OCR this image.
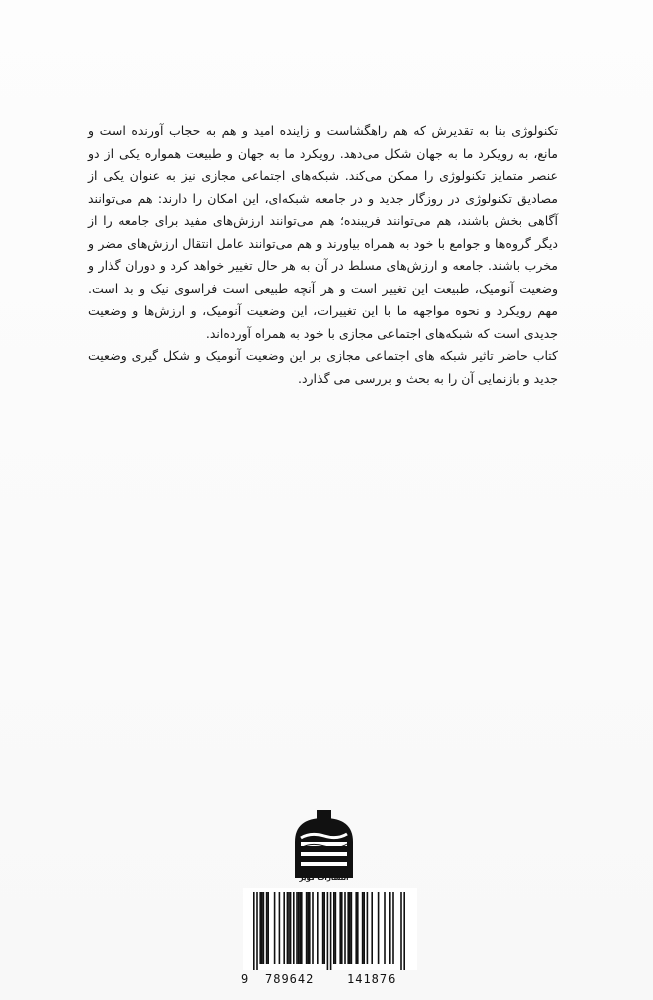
تکنولوژی بنا به تقدیرش که هم راهگشاست و زاینده امید و هم به حجاب آورنده است و مانع، به رویکرد ما به جهان شکل می‌دهد. رویکرد ما به جهان و طبیعت همواره یکی از دو عنصر متمایز تکنولوژی را ممکن می‌کند. شبکه‌های اجتماعی مجازی نیز به عنوان یکی از مصادیق تکنولوژی در روزگار جدید و در جامعه شبکه‌ای، این امکان را دارند: هم می‌توانند آگاهی بخش باشند، هم می‌توانند فریبنده؛ هم می‌توانند ارزش‌های مفید برای جامعه را از دیگر گروه‌ها و جوامع با خود به همراه بیاورند و هم می‌توانند عامل انتقال ارزش‌های مضر و مخرب باشند. جامعه و ارزش‌های مسلط در آن به هر حال تغییر خواهد کرد و دوران گذار و وضعیت آنومیک، طبیعت این تغییر است و هر آنچه طبیعی است فراسوی نیک و بد است. مهم رویکرد و نحوه مواجهه ما با این تغییرات، این وضعیت آنومیک، و ارزش‌ها و وضعیت جدیدی است که شبکه‌های اجتماعی مجازی با خود به همراه آورده‌اند.

کتاب حاضر تاثیر شبکه های اجتماعی مجازی بر این وضعیت آنومیک و شکل گیری وضعیت جدید و بازنمایی آن را به بحث و بررسی می گذارد.

انتشارات کویر
9 789642	141876
